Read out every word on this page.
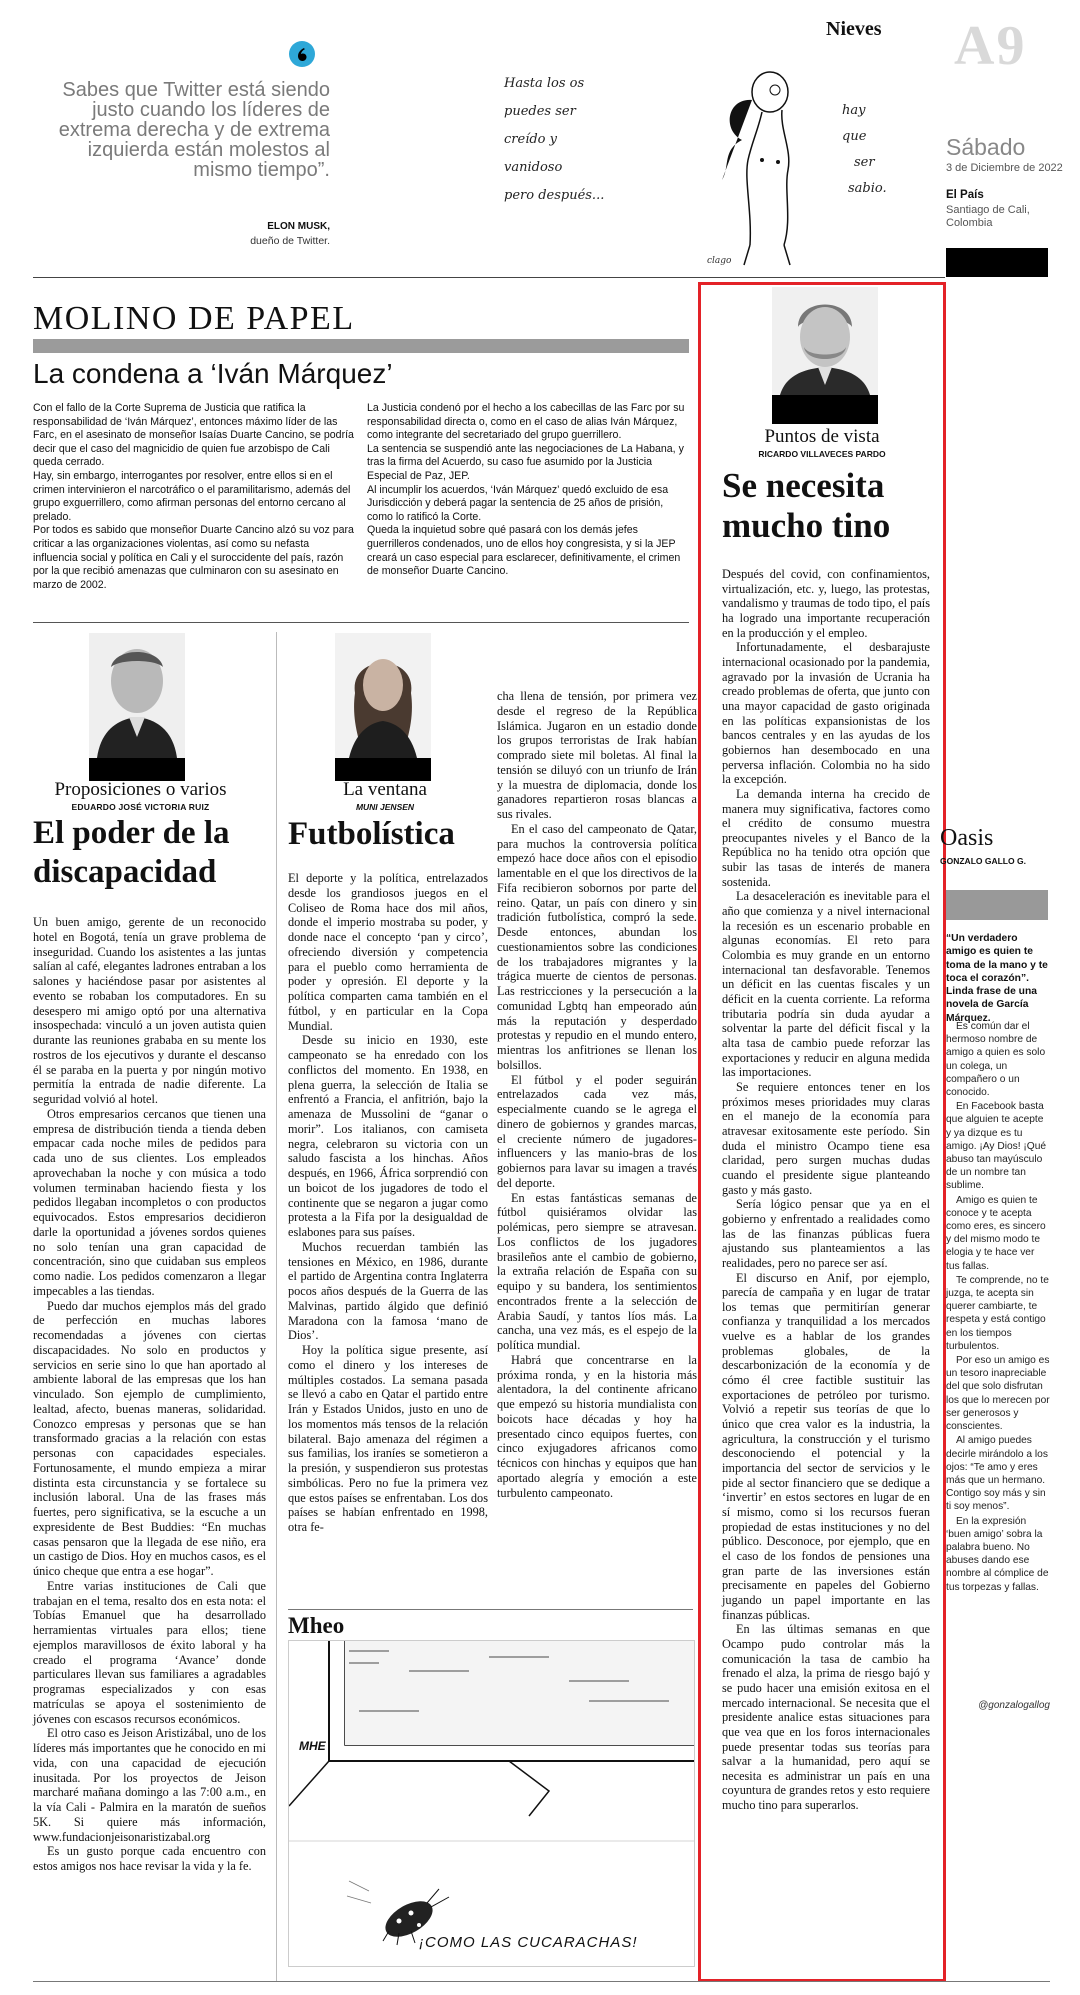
Sabes que Twitter está siendo justo cuando los líderes de extrema derecha y de extrema izquierda están molestos al mismo tiempo”.
ELON MUSK,
dueño de Twitter.
Nieves
Hasta los os
puedes ser
creído y
vanidoso
pero después...
hay que
ser
sabio.
clago
A9
Sábado
3 de Diciembre de 2022
El País
Santiago de Cali, Colombia
MOLINO DE PAPEL
La condena a ‘Iván Márquez’
Con el fallo de la Corte Suprema de Justicia que ratifica la responsabilidad de ‘Iván Márquez’, entonces máximo líder de las Farc, en el asesinato de monseñor Isaías Duarte Cancino, se podría decir que el caso del magnicidio de quien fue arzobispo de Cali queda cerrado.
Hay, sin embargo, interrogantes por resolver, entre ellos si en el crimen intervinieron el narcotráfico o el paramilitarismo, además del grupo exguerrillero, como afirman personas del entorno cercano al prelado.
Por todos es sabido que monseñor Duarte Cancino alzó su voz para criticar a las organizaciones violentas, así como su nefasta influencia social y política en Cali y el suroccidente del país, razón por la que recibió amenazas que culminaron con su asesinato en marzo de 2002.
La Justicia condenó por el hecho a los cabecillas de las Farc por su responsabilidad directa o, como en el caso de alias Iván Márquez, como integrante del secretariado del grupo guerrillero.
La sentencia se suspendió ante las negociaciones de La Habana, y tras la firma del Acuerdo, su caso fue asumido por la Justicia Especial de Paz, JEP.
Al incumplir los acuerdos, ‘Iván Márquez’ quedó excluido de esa Jurisdicción y deberá pagar la sentencia de 25 años de prisión, como lo ratificó la Corte.
Queda la inquietud sobre qué pasará con los demás jefes guerrilleros condenados, uno de ellos hoy congresista, y si la JEP creará un caso especial para esclarecer, definitivamente, el crimen de monseñor Duarte Cancino.
Proposiciones o varios
EDUARDO JOSÉ VICTORIA RUIZ
El poder de la discapacidad

Un buen amigo, gerente de un reconocido hotel en Bogotá, tenía un grave problema de inseguridad. Cuando los asistentes a las juntas salían al café, elegantes ladrones entraban a los salones y haciéndose pasar por asistentes al evento se robaban los computadores. En su desespero mi amigo optó por una alternativa insospechada: vinculó a un joven autista quien durante las reuniones grababa en su mente los rostros de los ejecutivos y durante el descanso él se paraba en la puerta y por ningún motivo permitía la entrada de nadie diferente. La seguridad volvió al hotel.

Otros empresarios cercanos que tienen una empresa de distribución tienda a tienda deben empacar cada noche miles de pedidos para cada uno de sus clientes. Los empleados aprovechaban la noche y con música a todo volumen terminaban haciendo fiesta y los pedidos llegaban incompletos o con productos equivocados. Estos empresarios decidieron darle la oportunidad a jóvenes sordos quienes no solo tenían una gran capacidad de concentración, sino que cuidaban sus empleos como nadie. Los pedidos comenzaron a llegar impecables a las tiendas.

Puedo dar muchos ejemplos más del grado de perfección en muchas labores recomendadas a jóvenes con ciertas discapacidades. No solo en productos y servicios en serie sino lo que han aportado al ambiente laboral de las empresas que los han vinculado. Son ejemplo de cumplimiento, lealtad, afecto, buenas maneras, solidaridad. Conozco empresas y personas que se han transformado gracias a la relación con estas personas con capacidades especiales. Fortunosamente, el mundo empieza a mirar distinta esta circunstancia y se fortalece su inclusión laboral. Una de las frases más fuertes, pero significativa, se la escuche a un expresidente de Best Buddies: “En muchas casas pensaron que la llegada de ese niño, era un castigo de Dios. Hoy en muchos casos, es el único cheque que entra a ese hogar”.

Entre varias instituciones de Cali que trabajan en el tema, resalto dos en esta nota: el Tobías Emanuel que ha desarrollado herramientas virtuales para ellos; tiene ejemplos maravillosos de éxito laboral y ha creado el programa ‘Avance’ donde particulares llevan sus familiares a agradables programas especializados y con esas matrículas se apoya el sostenimiento de jóvenes con escasos recursos económicos.

El otro caso es Jeison Aristizábal, uno de los líderes más importantes que he conocido en mi vida, con una capacidad de ejecución inusitada. Por los proyectos de Jeison marcharé mañana domingo a las 7:00 a.m., en la vía Cali - Palmira en la maratón de sueños 5K. Si quiere más información, www.fundacionjeisonaristizabal.org

Es un gusto porque cada encuentro con estos amigos nos hace revisar la vida y la fe.

La ventana
MUNI JENSEN
Futbolística

El deporte y la política, entrelazados desde los grandiosos juegos en el Coliseo de Roma hace dos mil años, donde el imperio mostraba su poder, y donde nace el concepto ‘pan y circo’, ofreciendo diversión y competencia para el pueblo como herramienta de poder y opresión. El deporte y la política comparten cama también en el fútbol, y en particular en la Copa Mundial.

Desde su inicio en 1930, este campeonato se ha enredado con los conflictos del momento. En 1938, en plena guerra, la selección de Italia se enfrentó a Francia, el anfitrión, bajo la amenaza de Mussolini de “ganar o morir”. Los italianos, con camiseta negra, celebraron su victoria con un saludo fascista a los hinchas. Años después, en 1966, África sorprendió con un boicot de los jugadores de todo el continente que se negaron a jugar como protesta a la Fifa por la desigualdad de eslabones para sus países.

Muchos recuerdan también las tensiones en México, en 1986, durante el partido de Argentina contra Inglaterra pocos años después de la Guerra de las Malvinas, partido álgido que definió Maradona con la famosa ‘mano de Dios’.

Hoy la política sigue presente, así como el dinero y los intereses de múltiples costados. La semana pasada se llevó a cabo en Qatar el partido entre Irán y Estados Unidos, justo en uno de los momentos más tensos de la relación bilateral. Bajo amenaza del régimen a sus familias, los iraníes se sometieron a la presión, y suspendieron sus protestas simbólicas. Pero no fue la primera vez que estos países se enfrentaban. Los dos países se habían enfrentado en 1998, otra fe-

cha llena de tensión, por primera vez desde el regreso de la República Islámica. Jugaron en un estadio donde los grupos terroristas de Irak habían comprado siete mil boletas. Al final la tensión se diluyó con un triunfo de Irán y la muestra de diplomacia, donde los ganadores repartieron rosas blancas a sus rivales.

En el caso del campeonato de Qatar, para muchos la controversia política empezó hace doce años con el episodio lamentable en el que los directivos de la Fifa recibieron sobornos por parte del reino. Qatar, un país con dinero y sin tradición futbolística, compró la sede. Desde entonces, abundan los cuestionamientos sobre las condiciones de los trabajadores migrantes y la trágica muerte de cientos de personas. Las restricciones y la persecución a la comunidad Lgbtq han empeorado aún más la reputación y desperdado protestas y repudio en el mundo entero, mientras los anfitriones se llenan los bolsillos.

El fútbol y el poder seguirán entrelazados cada vez más, especialmente cuando se le agrega el dinero de gobiernos y grandes marcas, el creciente número de jugadores-influencers y las manio-bras de los gobiernos para lavar su imagen a través del deporte.

En estas fantásticas semanas de fútbol quisiéramos olvidar las polémicas, pero siempre se atravesan. Los conflictos de los jugadores brasileños ante el cambio de gobierno, la extraña relación de España con su equipo y su bandera, los sentimientos encontrados frente a la selección de Arabia Saudí, y tantos líos más. La cancha, una vez más, es el espejo de la política mundial.

Habrá que concentrarse en la próxima ronda, y en la historia más alentadora, la del continente africano que empezó su historia mundialista con boicots hace décadas y hoy ha presentado cinco equipos fuertes, con cinco exjugadores africanos como técnicos con hinchas y equipos que han aportado alegría y emoción a este turbulento campeonato.

Mheo
MHE
¡COMO LAS CUCARACHAS!
Puntos de vista
RICARDO VILLAVECES PARDO
Se necesita mucho tino

Después del covid, con confinamientos, virtualización, etc. y, luego, las protestas, vandalismo y traumas de todo tipo, el país ha logrado una importante recuperación en la producción y el empleo.

Infortunadamente, el desbarajuste internacional ocasionado por la pandemia, agravado por la invasión de Ucrania ha creado problemas de oferta, que junto con una mayor capacidad de gasto originada en las políticas expansionistas de los bancos centrales y en las ayudas de los gobiernos han desembocado en una perversa inflación. Colombia no ha sido la excepción.

La demanda interna ha crecido de manera muy significativa, factores como el crédito de consumo muestra preocupantes niveles y el Banco de la República no ha tenido otra opción que subir las tasas de interés de manera sostenida.

La desaceleración es inevitable para el año que comienza y a nivel internacional la recesión es un escenario probable en algunas economías. El reto para Colombia es muy grande en un entorno internacional tan desfavorable. Tenemos un déficit en las cuentas fiscales y un déficit en la cuenta corriente. La reforma tributaria podría sin duda ayudar a solventar la parte del déficit fiscal y la alta tasa de cambio puede reforzar las exportaciones y reducir en alguna medida las importaciones.

Se requiere entonces tener en los próximos meses prioridades muy claras en el manejo de la economía para atravesar exitosamente este período. Sin duda el ministro Ocampo tiene esa claridad, pero surgen muchas dudas cuando el presidente sigue planteando gasto y más gasto.

Sería lógico pensar que ya en el gobierno y enfrentado a realidades como las de las finanzas públicas fuera ajustando sus planteamientos a las realidades, pero no parece ser así.

El discurso en Anif, por ejemplo, parecía de campaña y en lugar de tratar los temas que permitirían generar confianza y tranquilidad a los mercados vuelve es a hablar de los grandes problemas globales, de la descarbonización de la economía y de cómo él cree factible sustituir las exportaciones de petróleo por turismo. Volvió a repetir sus teorías de que lo único que crea valor es la industria, la agricultura, la construcción y el turismo desconociendo el potencial y la importancia del sector de servicios y le pide al sector financiero que se dedique a ‘invertir’ en estos sectores en lugar de en sí mismo, como si los recursos fueran propiedad de estas instituciones y no del público. Desconoce, por ejemplo, que en el caso de los fondos de pensiones una gran parte de las inversiones están precisamente en papeles del Gobierno jugando un papel importante en las finanzas públicas.

En las últimas semanas en que Ocampo pudo controlar más la comunicación la tasa de cambio ha frenado el alza, la prima de riesgo bajó y se pudo hacer una emisión exitosa en el mercado internacional. Se necesita que el presidente analice estas situaciones para que vea que en los foros internacionales puede presentar todas sus teorías para salvar a la humanidad, pero aquí se necesita es administrar un país en una coyuntura de grandes retos y esto requiere mucho tino para superarlos.

Oasis
GONZALO GALLO G.
“Un verdadero amigo es quien te toma de la mano y te toca el corazón”. Linda frase de una novela de García Márquez.

Es común dar el hermoso nombre de amigo a quien es solo un colega, un compañero o un conocido.

En Facebook basta que alguien te acepte y ya dizque es tu amigo. ¡Ay Dios! ¡Qué abuso tan mayúsculo de un nombre tan sublime.

Amigo es quien te conoce y te acepta como eres, es sincero y del mismo modo te elogia y te hace ver tus fallas.

Te comprende, no te juzga, te acepta sin querer cambiarte, te respeta y está contigo en los tiempos turbulentos.

Por eso un amigo es un tesoro inapreciable del que solo disfrutan los que lo merecen por ser generosos y conscientes.

Al amigo puedes decirle mirándolo a los ojos: “Te amo y eres más que un hermano. Contigo soy más y sin ti soy menos”.

En la expresión ‘buen amigo’ sobra la palabra bueno. No abuses dando ese nombre al cómplice de tus torpezas y fallas.

@gonzalogallog
